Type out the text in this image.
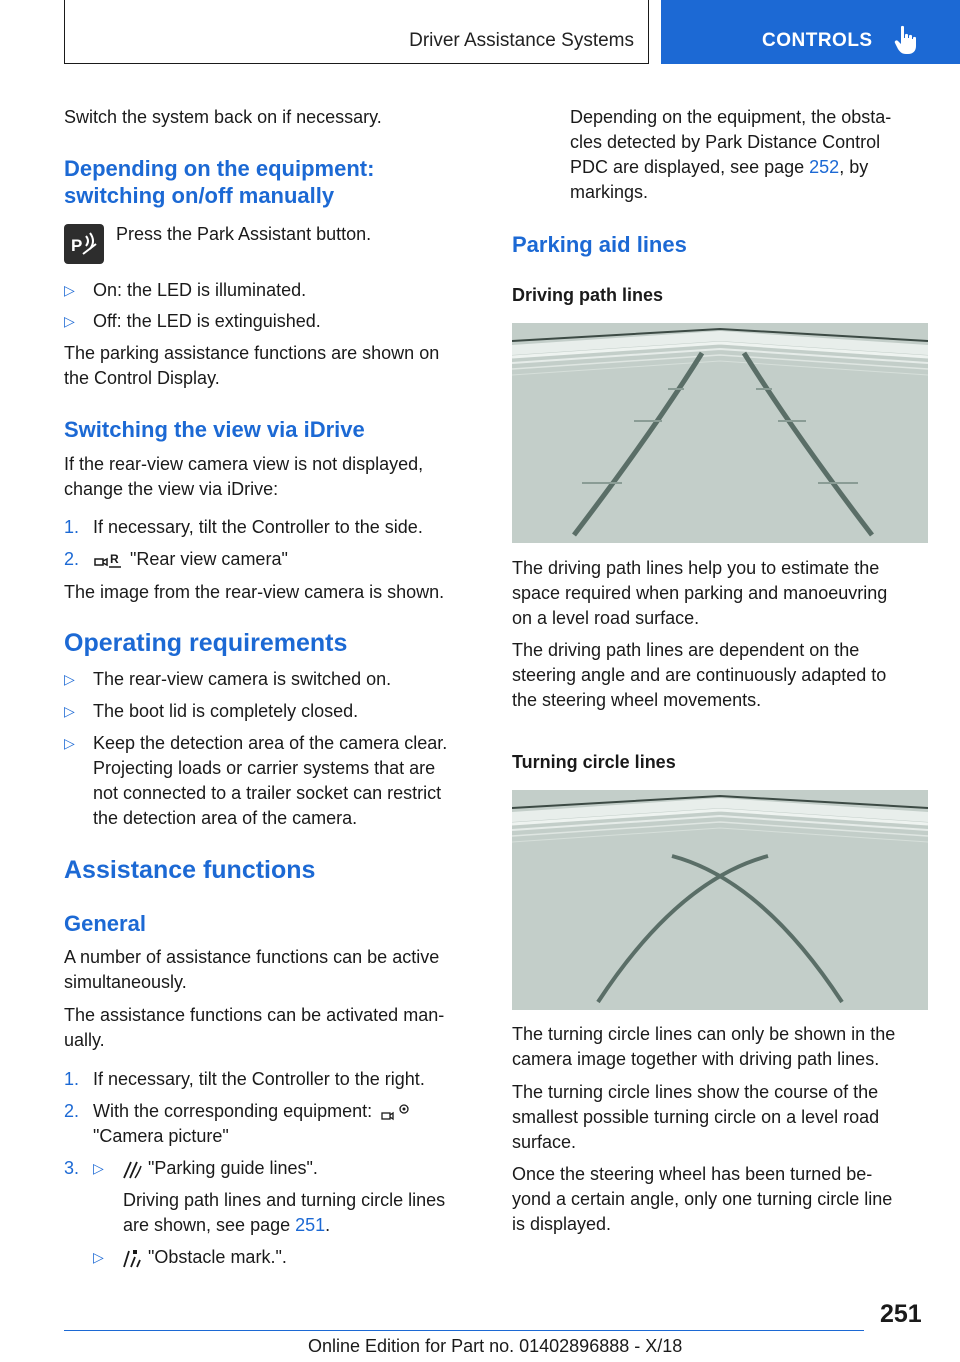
Driver Assistance Systems	CONTROLS
Switch the system back on if necessary.
Depending on the equipment:
switching on/off manually
P
Press the Park Assistant button.
▷ On: the LED is illuminated.
▷ Off: the LED is extinguished.
The parking assistance functions are shown on
the Control Display.
Switching the view via iDrive
If the rear-view camera view is not displayed,
change the view via iDrive:
1. If necessary, tilt the Controller to the side.
2.	R "Rear view camera"
The image from the rear-view camera is shown.
Operating requirements
▷ The rear-view camera is switched on.
▷ The boot lid is completely closed.
▷ Keep the detection area of the camera clear.
Projecting loads or carrier systems that are
not connected to a trailer socket can restrict
the detection area of the camera.
Assistance functions
General
A number of assistance functions can be active
simultaneously.
The assistance functions can be activated man-
ually.
1. If necessary, tilt the Controller to the right.
2. With the corresponding equipment:
"Camera picture"
3. ▷	"Parking guide lines".
Driving path lines and turning circle lines
are shown, see page 251.
▷	"Obstacle mark.".
Depending on the equipment, the obsta-
cles detected by Park Distance Control
PDC are displayed, see page 252, by
markings.
Parking aid lines
Driving path lines
The driving path lines help you to estimate the
space required when parking and manoeuvring
on a level road surface.
The driving path lines are dependent on the
steering angle and are continuously adapted to
the steering wheel movements.
Turning circle lines
The turning circle lines can only be shown in the
camera image together with driving path lines.
The turning circle lines show the course of the
smallest possible turning circle on a level road
surface.
Once the steering wheel has been turned be-
yond a certain angle, only one turning circle line
is displayed.
251
Online Edition for Part no. 01402896888 - X/18
